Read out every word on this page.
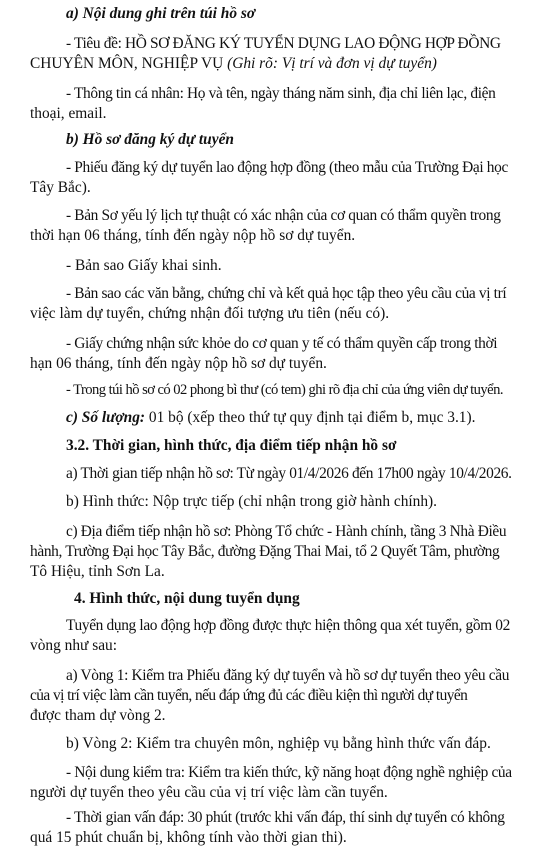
a) Nội dung ghi trên túi hồ sơ
- Tiêu đề: HỒ SƠ ĐĂNG KÝ TUYỂN DỤNG LAO ĐỘNG HỢP ĐỒNG
CHUYÊN MÔN, NGHIỆP VỤ (Ghi rõ: Vị trí và đơn vị dự tuyển)
- Thông tin cá nhân: Họ và tên, ngày tháng năm sinh, địa chỉ liên lạc, điện
thoại, email.
b) Hồ sơ đăng ký dự tuyển
- Phiếu đăng ký dự tuyển lao động hợp đồng (theo mẫu của Trường Đại học
Tây Bắc).
- Bản Sơ yếu lý lịch tự thuật có xác nhận của cơ quan có thẩm quyền trong
thời hạn 06 tháng, tính đến ngày nộp hồ sơ dự tuyển.
- Bản sao Giấy khai sinh.
- Bản sao các văn bằng, chứng chỉ và kết quả học tập theo yêu cầu của vị trí
việc làm dự tuyển, chứng nhận đối tượng ưu tiên (nếu có).
- Giấy chứng nhận sức khỏe do cơ quan y tế có thẩm quyền cấp trong thời
hạn 06 tháng, tính đến ngày nộp hồ sơ dự tuyển.
- Trong túi hồ sơ có 02 phong bì thư (có tem) ghi rõ địa chỉ của ứng viên dự tuyển.
c) Số lượng: 01 bộ (xếp theo thứ tự quy định tại điểm b, mục 3.1).
3.2. Thời gian, hình thức, địa điểm tiếp nhận hồ sơ
a) Thời gian tiếp nhận hồ sơ: Từ ngày 01/4/2026 đến 17h00 ngày 10/4/2026.
b) Hình thức: Nộp trực tiếp (chỉ nhận trong giờ hành chính).
c) Địa điểm tiếp nhận hồ sơ: Phòng Tổ chức - Hành chính, tầng 3 Nhà Điều
hành, Trường Đại học Tây Bắc, đường Đặng Thai Mai, tổ 2 Quyết Tâm, phường
Tô Hiệu, tỉnh Sơn La.
4. Hình thức, nội dung tuyển dụng
Tuyển dụng lao động hợp đồng được thực hiện thông qua xét tuyển, gồm 02
vòng như sau:
a) Vòng 1: Kiểm tra Phiếu đăng ký dự tuyển và hồ sơ dự tuyển theo yêu cầu
của vị trí việc làm cần tuyển, nếu đáp ứng đủ các điều kiện thì người dự tuyển
được tham dự vòng 2.
b) Vòng 2: Kiểm tra chuyên môn, nghiệp vụ bằng hình thức vấn đáp.
- Nội dung kiểm tra: Kiểm tra kiến thức, kỹ năng hoạt động nghề nghiệp của
người dự tuyển theo yêu cầu của vị trí việc làm cần tuyển.
- Thời gian vấn đáp: 30 phút (trước khi vấn đáp, thí sinh dự tuyển có không
quá 15 phút chuẩn bị, không tính vào thời gian thi).
